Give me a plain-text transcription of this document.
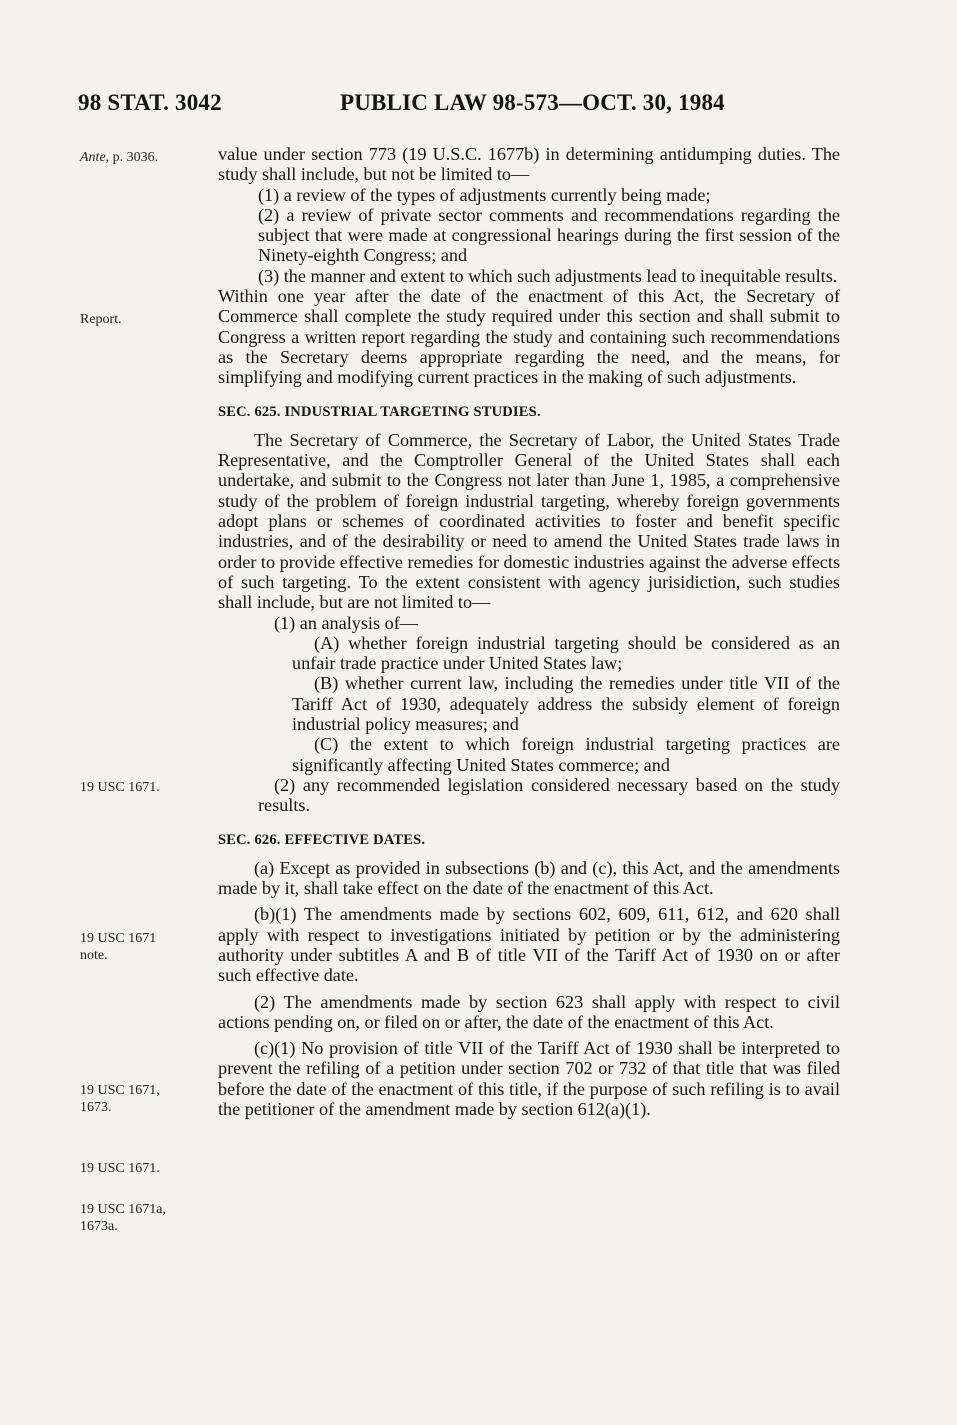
98 STAT. 3042	PUBLIC LAW 98-573—OCT. 30, 1984
Ante, p. 3036.
Report.
19 USC 1671.
19 USC 1671
note.
19 USC 1671,
1673.
19 USC 1671.
19 USC 1671a,
1673a.

value under section 773 (19 U.S.C. 1677b) in determining antidumping duties. The study shall include, but not be limited to—

(1) a review of the types of adjustments currently being made;

(2) a review of private sector comments and recommendations regarding the subject that were made at congressional hearings during the first session of the Ninety-eighth Congress; and

(3) the manner and extent to which such adjustments lead to inequitable results.

Within one year after the date of the enactment of this Act, the Secretary of Commerce shall complete the study required under this section and shall submit to Congress a written report regarding the study and containing such recommendations as the Secretary deems appropriate regarding the need, and the means, for simplifying and modifying current practices in the making of such adjustments.

SEC. 625. INDUSTRIAL TARGETING STUDIES.

The Secretary of Commerce, the Secretary of Labor, the United States Trade Representative, and the Comptroller General of the United States shall each undertake, and submit to the Congress not later than June 1, 1985, a comprehensive study of the problem of foreign industrial targeting, whereby foreign governments adopt plans or schemes of coordinated activities to foster and benefit specific industries, and of the desirability or need to amend the United States trade laws in order to provide effective remedies for domestic industries against the adverse effects of such targeting. To the extent consistent with agency jurisidiction, such studies shall include, but are not limited to—

(1) an analysis of—

(A) whether foreign industrial targeting should be considered as an unfair trade practice under United States law;

(B) whether current law, including the remedies under title VII of the Tariff Act of 1930, adequately address the subsidy element of foreign industrial policy measures; and

(C) the extent to which foreign industrial targeting practices are significantly affecting United States commerce; and

(2) any recommended legislation considered necessary based on the study results.

SEC. 626. EFFECTIVE DATES.

(a) Except as provided in subsections (b) and (c), this Act, and the amendments made by it, shall take effect on the date of the enactment of this Act.

(b)(1) The amendments made by sections 602, 609, 611, 612, and 620 shall apply with respect to investigations initiated by petition or by the administering authority under subtitles A and B of title VII of the Tariff Act of 1930 on or after such effective date.

(2) The amendments made by section 623 shall apply with respect to civil actions pending on, or filed on or after, the date of the enactment of this Act.

(c)(1) No provision of title VII of the Tariff Act of 1930 shall be interpreted to prevent the refiling of a petition under section 702 or 732 of that title that was filed before the date of the enactment of this title, if the purpose of such refiling is to avail the petitioner of the amendment made by section 612(a)(1).
